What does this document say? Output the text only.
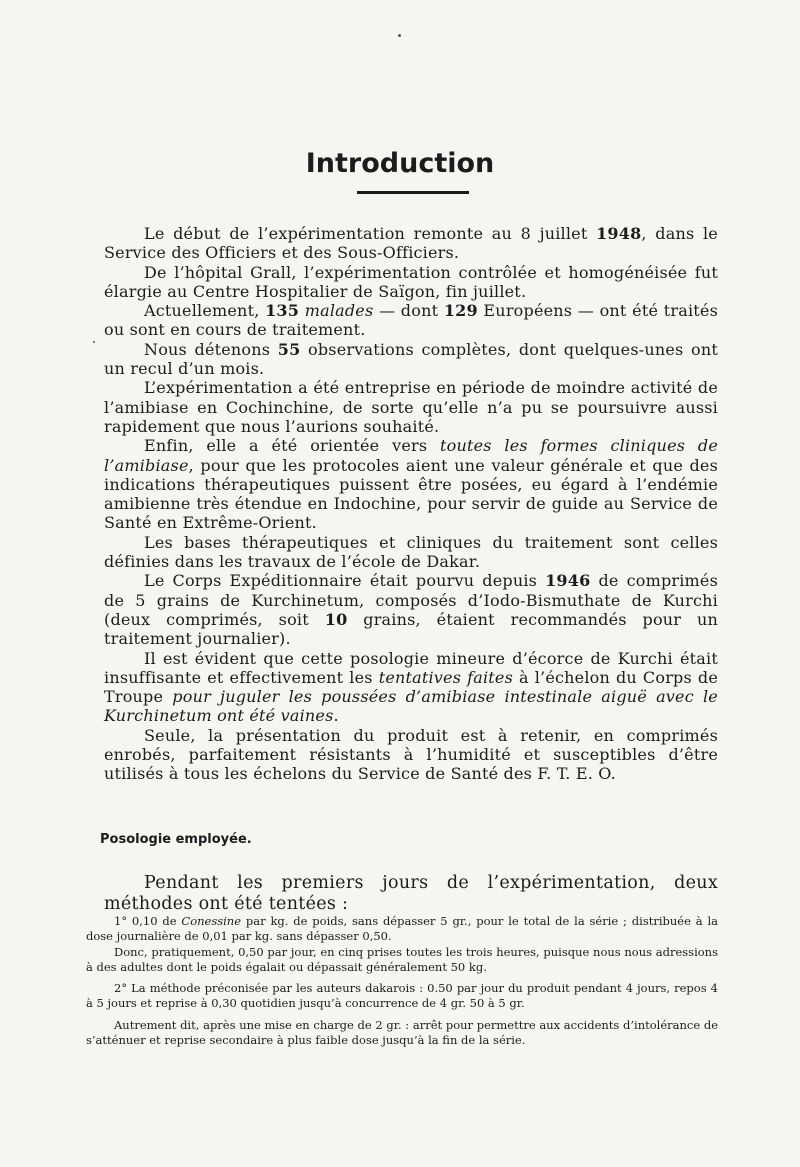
Introduction

Le début de l’expérimentation remonte au 8 juillet 1948, dans le Service des Officiers et des Sous-Officiers.

De l’hôpital Grall, l’expérimentation contrôlée et homogénéisée fut élargie au Centre Hospitalier de Saïgon, fin juillet.

Actuellement, 135 malades — dont 129 Européens — ont été traités ou sont en cours de traitement.

Nous détenons 55 observations complètes, dont quelques-unes ont un recul d’un mois.

L’expérimentation a été entreprise en période de moindre activité de l’amibiase en Cochinchine, de sorte qu’elle n’a pu se poursuivre aussi rapidement que nous l’aurions souhaité.

Enfin, elle a été orientée vers toutes les formes cliniques de l’amibiase, pour que les protocoles aient une valeur générale et que des indications thérapeutiques puissent être posées, eu égard à l’endémie amibienne très étendue en Indochine, pour servir de guide au Service de Santé en Extrême-Orient.

Les bases thérapeutiques et cliniques du traitement sont celles définies dans les travaux de l’école de Dakar.

Le Corps Expéditionnaire était pourvu depuis 1946 de comprimés de 5 grains de Kurchinetum, composés d’Iodo-Bismuthate de Kurchi (deux comprimés, soit 10 grains, étaient recommandés pour un traitement journalier).

Il est évident que cette posologie mineure d’écorce de Kurchi était insuffisante et effectivement les tentatives faites à l’échelon du Corps de Troupe pour juguler les poussées d’amibiase intestinale aiguë avec le Kurchinetum ont été vaines.

Seule, la présentation du produit est à retenir, en comprimés enrobés, parfaitement résistants à l’humidité et susceptibles d’être utilisés à tous les échelons du Service de Santé des F. T. E. O.

Posologie employée.

Pendant les premiers jours de l’expérimentation, deux méthodes ont été tentées :

1° 0,10 de Conessine par kg. de poids, sans dépasser 5 gr., pour le total de la série ; distribuée à la dose journalière de 0,01 par kg. sans dépasser 0,50.

Donc, pratiquement, 0,50 par jour, en cinq prises toutes les trois heures, puisque nous nous adressions à des adultes dont le poids égalait ou dépassait généralement 50 kg.

2° La méthode préconisée par les auteurs dakarois : 0.50 par jour du produit pendant 4 jours, repos 4 à 5 jours et reprise à 0,30 quotidien jusqu’à concurrence de 4 gr. 50 à 5 gr.

Autrement dit, après une mise en charge de 2 gr. : arrêt pour permettre aux accidents d’intolérance de s’atténuer et reprise secondaire à plus faible dose jusqu’à la fin de la série.
